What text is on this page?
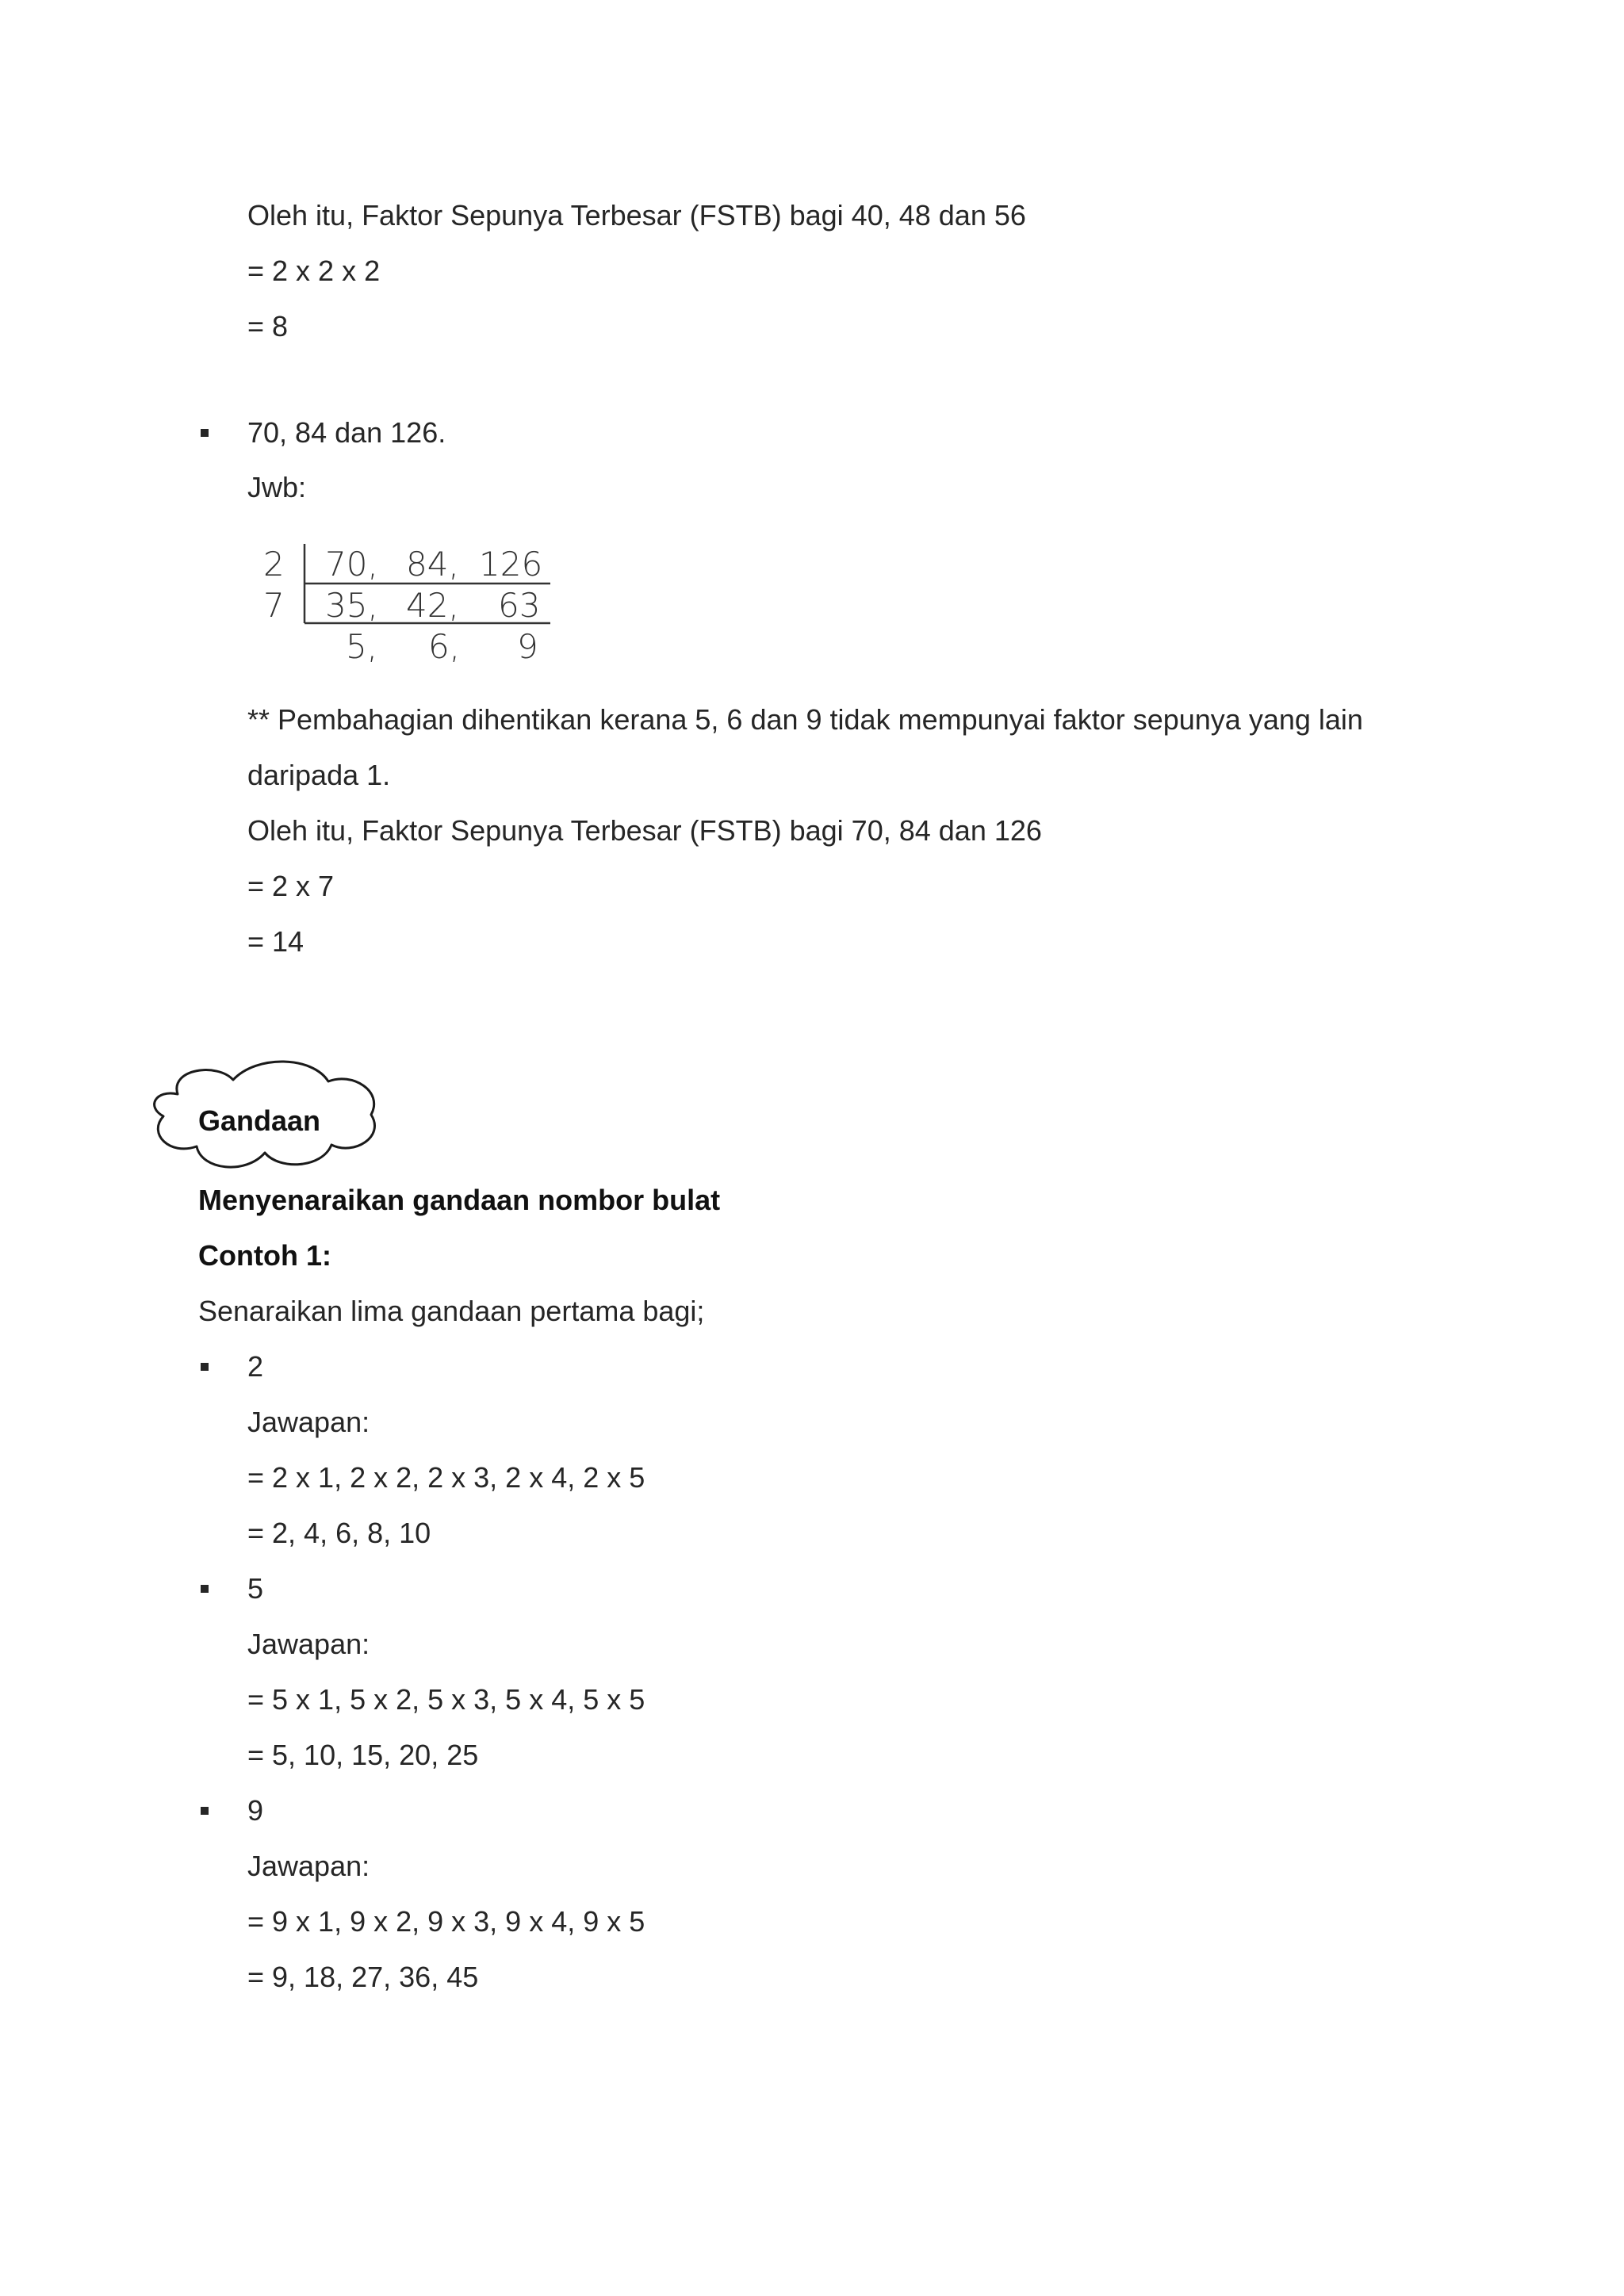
Oleh itu, Faktor Sepunya Terbesar (FSTB) bagi 40, 48 dan 56
= 2 x 2 x 2
= 8
70, 84 dan 126.
Jwb:
2
7
70, 84, 126
35, 42, 63
5, 6, 9
** Pembahagian dihentikan kerana 5, 6 dan 9 tidak mempunyai faktor sepunya yang lain
daripada 1.
Oleh itu, Faktor Sepunya Terbesar (FSTB) bagi 70, 84 dan 126
= 2 x 7
= 14
Gandaan
Menyenaraikan gandaan nombor bulat
Contoh 1:
Senaraikan lima gandaan pertama bagi;
2
Jawapan:
= 2 x 1, 2 x 2, 2 x 3, 2 x 4, 2 x 5
= 2, 4, 6, 8, 10
5
Jawapan:
= 5 x 1, 5 x 2, 5 x 3, 5 x 4, 5 x 5
= 5, 10, 15, 20, 25
9
Jawapan:
= 9 x 1, 9 x 2, 9 x 3, 9 x 4, 9 x 5
= 9, 18, 27, 36, 45
